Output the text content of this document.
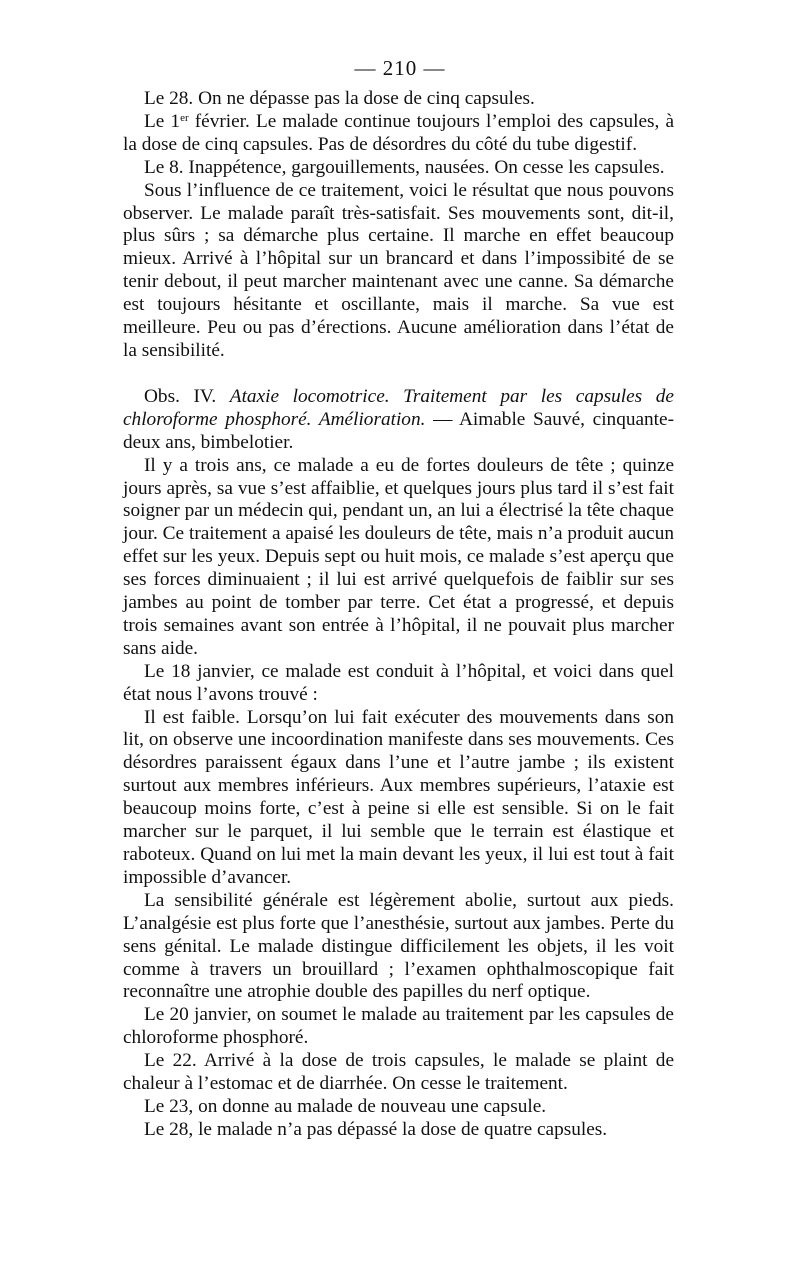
— 210 —

Le 28. On ne dépasse pas la dose de cinq capsules.

Le 1er février. Le malade continue toujours l’emploi des capsules, à la dose de cinq capsules. Pas de désordres du côté du tube digestif.

Le 8. Inappétence, gargouillements, nausées. On cesse les capsules.

Sous l’influence de ce traitement, voici le résultat que nous pouvons observer. Le malade paraît très-satisfait. Ses mouvements sont, dit-il, plus sûrs ; sa démarche plus certaine. Il marche en effet beaucoup mieux. Arrivé à l’hôpital sur un brancard et dans l’impossibité de se tenir debout, il peut marcher maintenant avec une canne. Sa démarche est toujours hésitante et oscillante, mais il marche. Sa vue est meilleure. Peu ou pas d’érections. Aucune amélioration dans l’état de la sensibilité.

Obs. IV. Ataxie locomotrice. Traitement par les capsules de chloroforme phosphoré. Amélioration. — Aimable Sauvé, cinquante-deux ans, bimbelotier.

Il y a trois ans, ce malade a eu de fortes douleurs de tête ; quinze jours après, sa vue s’est affaiblie, et quelques jours plus tard il s’est fait soigner par un médecin qui, pendant un, an lui a électrisé la tête chaque jour. Ce traitement a apaisé les douleurs de tête, mais n’a produit aucun effet sur les yeux. Depuis sept ou huit mois, ce malade s’est aperçu que ses forces diminuaient ; il lui est arrivé quelquefois de faiblir sur ses jambes au point de tomber par terre. Cet état a progressé, et depuis trois semaines avant son entrée à l’hôpital, il ne pouvait plus marcher sans aide.

Le 18 janvier, ce malade est conduit à l’hôpital, et voici dans quel état nous l’avons trouvé :

Il est faible. Lorsqu’on lui fait exécuter des mouvements dans son lit, on observe une incoordination manifeste dans ses mouvements. Ces désordres paraissent égaux dans l’une et l’autre jambe ; ils existent surtout aux membres inférieurs. Aux membres supérieurs, l’ataxie est beaucoup moins forte, c’est à peine si elle est sensible. Si on le fait marcher sur le parquet, il lui semble que le terrain est élastique et raboteux. Quand on lui met la main devant les yeux, il lui est tout à fait impossible d’avancer.

La sensibilité générale est légèrement abolie, surtout aux pieds. L’analgésie est plus forte que l’anesthésie, surtout aux jambes. Perte du sens génital. Le malade distingue difficilement les objets, il les voit comme à travers un brouillard ; l’examen ophthalmoscopique fait reconnaître une atrophie double des papilles du nerf optique.

Le 20 janvier, on soumet le malade au traitement par les capsules de chloroforme phosphoré.

Le 22. Arrivé à la dose de trois capsules, le malade se plaint de chaleur à l’estomac et de diarrhée. On cesse le traitement.

Le 23, on donne au malade de nouveau une capsule.

Le 28, le malade n’a pas dépassé la dose de quatre capsules.
